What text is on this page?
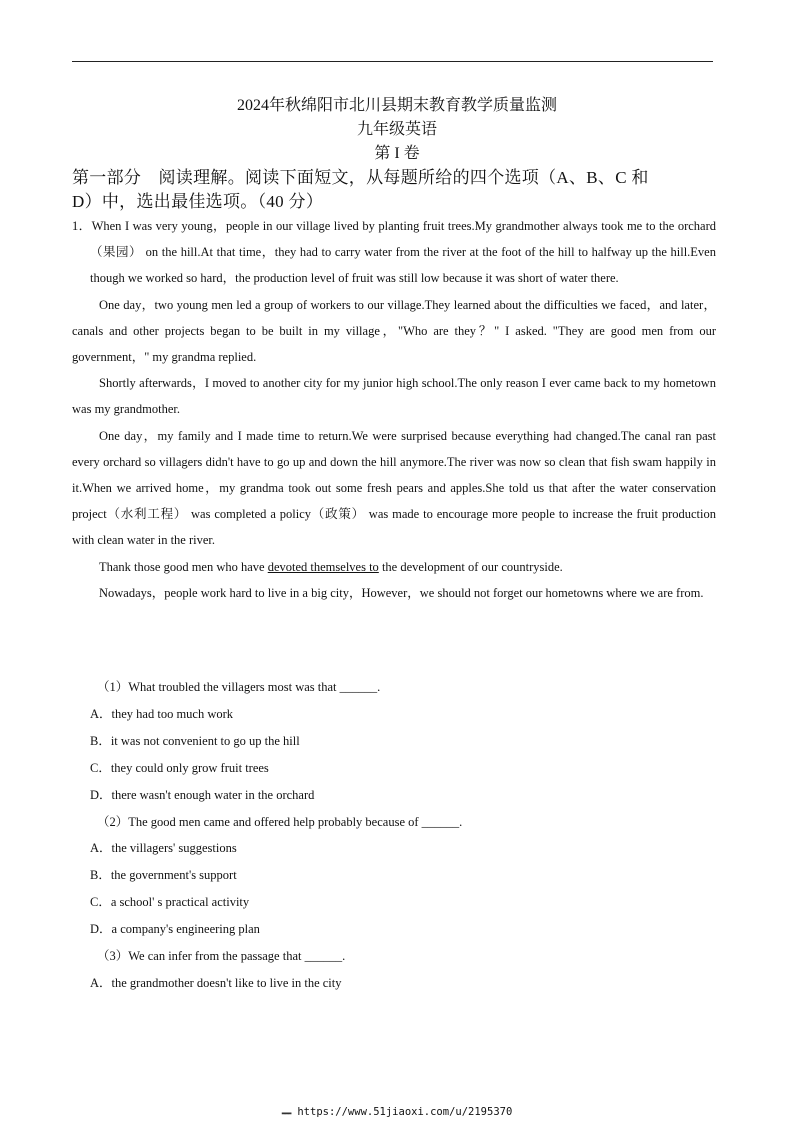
2024年秋绵阳市北川县期末教育教学质量监测
九年级英语
第 I 卷
第一部分　阅读理解。阅读下面短文，从每题所给的四个选项（A、B、C 和
D）中，选出最佳选项。（40 分）

1．When I was very young，people in our village lived by planting fruit trees.My grandmother always took me to the orchard（果园） on the hill.At that time，they had to carry water from the river at the foot of the hill to halfway up the hill.Even though we worked so hard，the production level of fruit was still low because it was short of water there.

One day，two young men led a group of workers to our village.They learned about the difficulties we faced，and later，canals and other projects began to be built in my village，"Who are they？" I asked. "They are good men from our government，" my grandma replied.

Shortly afterwards，I moved to another city for my junior high school.The only reason I ever came back to my hometown was my grandmother.

One day，my family and I made time to return.We were surprised because everything had changed.The canal ran past every orchard so villagers didn't have to go up and down the hill anymore.The river was now so clean that fish swam happily in it.When we arrived home，my grandma took out some fresh pears and apples.She told us that after the water conservation project（水利工程） was completed a policy（政策） was made to encourage more people to increase the fruit production with clean water in the river.

Thank those good men who have devoted themselves to the development of our countryside.

Nowadays，people work hard to live in a big city，However，we should not forget our hometowns where we are from.

（1）What troubled the villagers most was that ______.
A．they had too much work
B．it was not convenient to go up the hill
C．they could only grow fruit trees
D．there wasn't enough water in the orchard
（2）The good men came and offered help probably because of ______.
A．the villagers' suggestions
B．the government's support
C．a school' s practical activity
D．a company's engineering plan
（3）We can infer from the passage that ______.
A．the grandmother doesn't like to live in the city
▬▬▬ https://www.51jiaoxi.com/u/2195370
